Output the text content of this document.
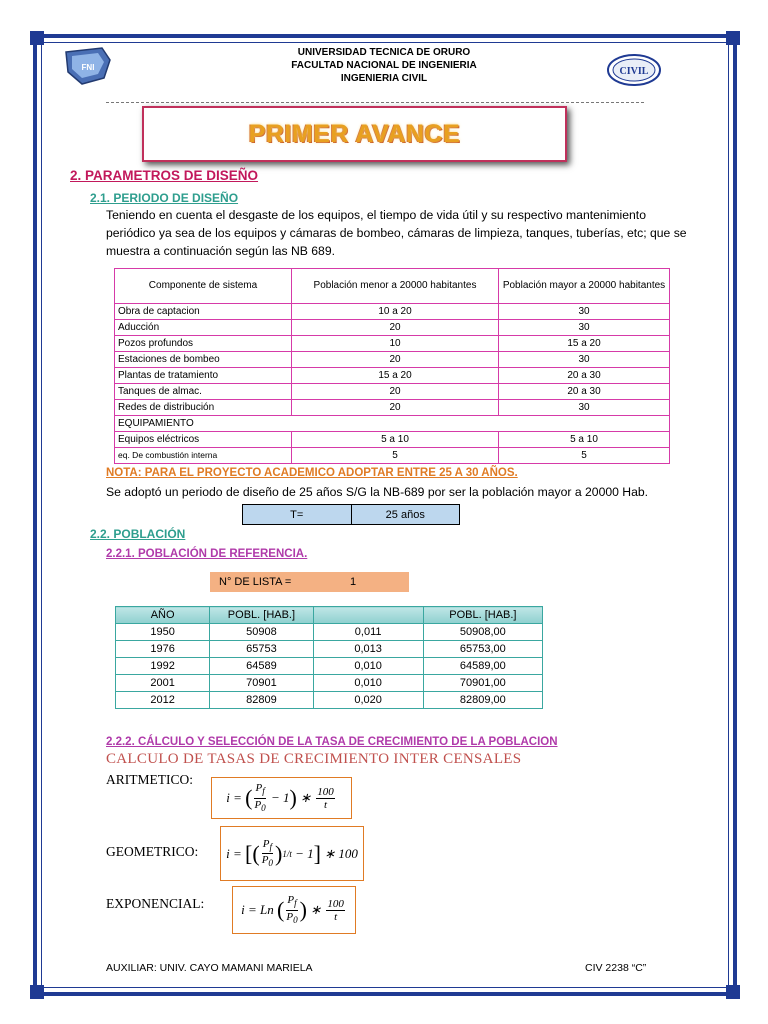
FNI	CIVIL
UNIVERSIDAD TECNICA DE ORURO
FACULTAD NACIONAL DE INGENIERIA
INGENIERIA CIVIL
PRIMER AVANCE
2. PARAMETROS DE DISEÑO
2.1. PERIODO DE DISEÑO
Teniendo en cuenta el desgaste de los equipos, el tiempo de vida útil y su respectivo mantenimiento periódico ya sea de los equipos y cámaras de bombeo, cámaras de limpieza, tanques, tuberías, etc; que se muestra a continuación según las NB 689.
Componente de sistema	Población menor a 20000 habitantes	Población mayor a 20000 habitantes
Obra de captacion	10 a 20	30
Aducción	20	30
Pozos profundos	10	15 a 20
Estaciones de bombeo	20	30
Plantas de tratamiento	15 a 20	20 a 30
Tanques de almac.	20	20 a 30
Redes de distribución	20	30
EQUIPAMIENTO		
Equipos eléctricos	5 a 10	5 a 10
eq. De combustión interna	5	5
NOTA: PARA EL PROYECTO ACADEMICO ADOPTAR ENTRE 25 A 30 AÑOS.
Se adoptó un periodo de diseño de 25 años S/G la NB-689 por ser la población mayor a 20000 Hab.
T=	25 años
2.2. POBLACIÓN
2.2.1. POBLACIÓN DE REFERENCIA.
N° DE LISTA =	1
AÑO	POBL. [HAB.]		POBL. [HAB.]
1950	50908	0,011	50908,00
1976	65753	0,013	65753,00
1992	64589	0,010	64589,00
2001	70901	0,010	70901,00
2012	82809	0,020	82809,00
2.2.2. CÁLCULO Y SELECCIÓN DE LA TASA DE CRECIMIENTO DE LA POBLACION
CALCULO DE TASAS DE CRECIMIENTO INTER CENSALES
ARITMETICO:
i = ( $\frac{P_f}{P_0} - 1$ ) ∗ $\frac{100}{t}$
GEOMETRICO:	i = [ ( $\frac{P_f}{P_0}$ ) 1/t − 1 ] ∗ 100
EXPONENCIAL:	i = Ln ( $\frac{P_f}{P_0}$ ) ∗ $\frac{100}{t}$
AUXILIAR: UNIV. CAYO MAMANI MARIELA	CIV 2238 “C”
